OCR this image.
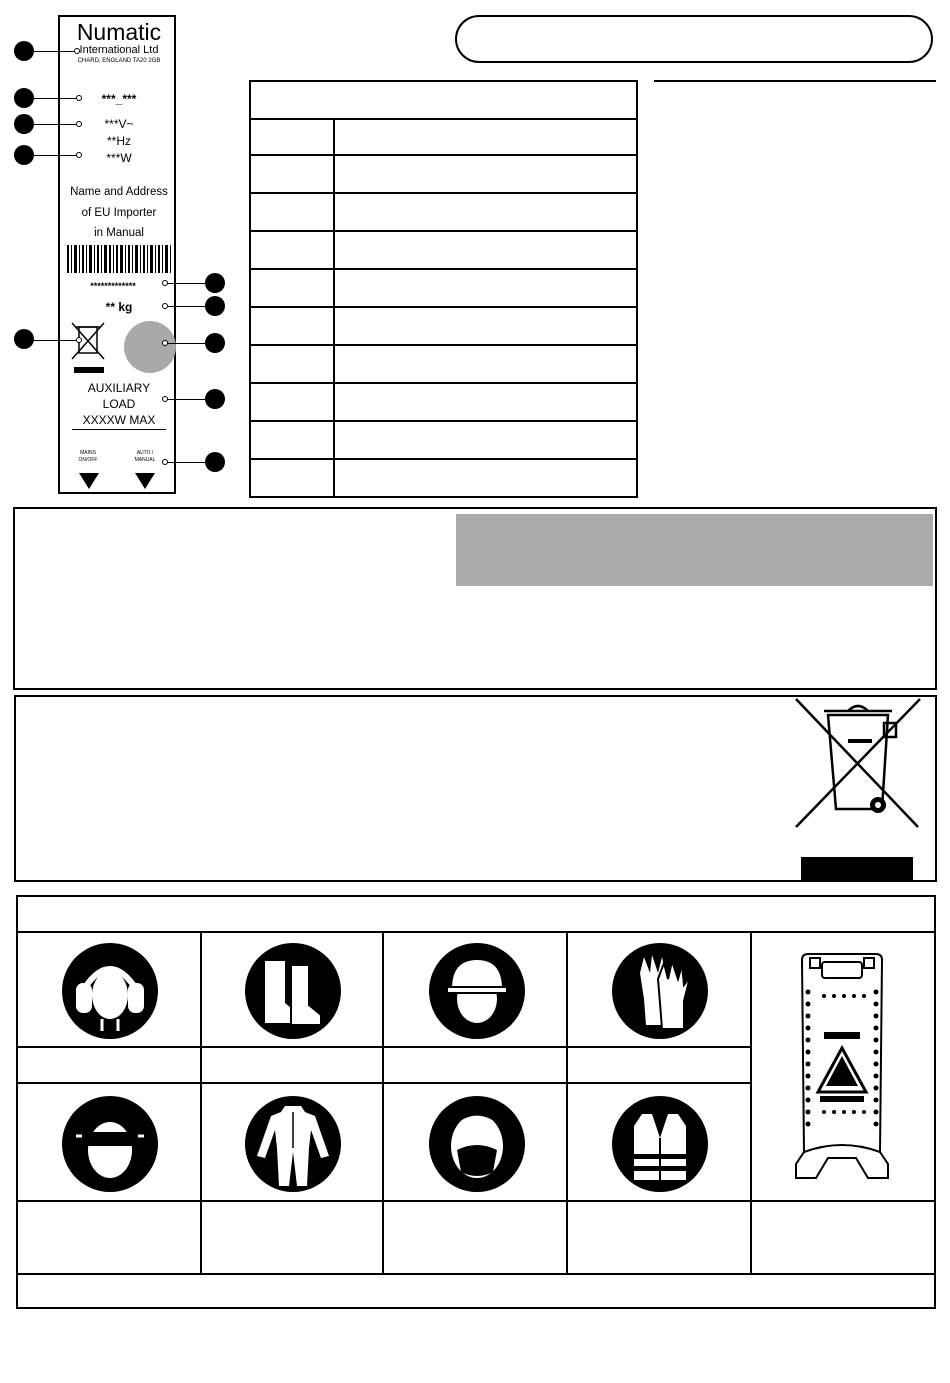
Numatic
International Ltd
CHARD, ENGLAND TA20 2GB
***_***
***V~
**Hz
***W
Name and Address
of EU Importer
in Manual
*************
** kg
AUXILIARY
LOAD
XXXXW MAX
MAINS
ON/OFF
AUTO /
MANUAL
